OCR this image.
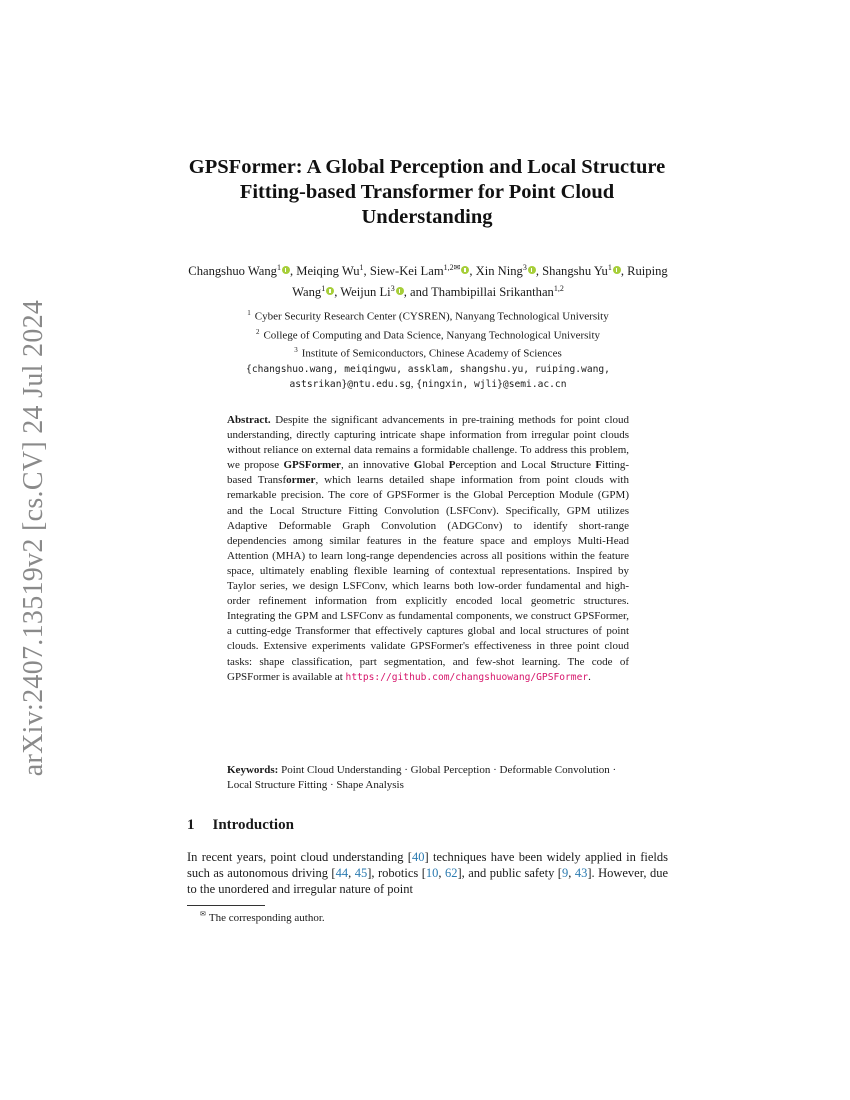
arXiv:2407.13519v2 [cs.CV] 24 Jul 2024
GPSFormer: A Global Perception and Local Structure Fitting-based Transformer for Point Cloud Understanding
Changshuo Wang$^1$ , Meiqing Wu$^1$, Siew-Kei Lam$^{1,2✉}$ , Xin Ning$^3$ , Shangshu Yu$^1$ , Ruiping Wang$^1$ , Weijun Li$^3$ , and Thambipillai Srikanthan$^{1,2}$
$^1$ Cyber Security Research Center (CYSREN), Nanyang Technological University
$^2$ College of Computing and Data Science, Nanyang Technological University
$^3$ Institute of Semiconductors, Chinese Academy of Sciences
{changshuo.wang, meiqingwu, assklam, shangshu.yu, ruiping.wang,
astsrikan}@ntu.edu.sg, {ningxin, wjli}@semi.ac.cn
Abstract. Despite the significant advancements in pre-training methods for point cloud understanding, directly capturing intricate shape information from irregular point clouds without reliance on external data remains a formidable challenge. To address this problem, we propose GPSFormer, an innovative Global Perception and Local Structure Fitting-based Transformer, which learns detailed shape information from point clouds with remarkable precision. The core of GPSFormer is the Global Perception Module (GPM) and the Local Structure Fitting Convolution (LSFConv). Specifically, GPM utilizes Adaptive Deformable Graph Convolution (ADGConv) to identify short-range dependencies among similar features in the feature space and employs Multi-Head Attention (MHA) to learn long-range dependencies across all positions within the feature space, ultimately enabling flexible learning of contextual representations. Inspired by Taylor series, we design LSFConv, which learns both low-order fundamental and high-order refinement information from explicitly encoded local geometric structures. Integrating the GPM and LSFConv as fundamental components, we construct GPSFormer, a cutting-edge Transformer that effectively captures global and local structures of point clouds. Extensive experiments validate GPSFormer's effectiveness in three point cloud tasks: shape classification, part segmentation, and few-shot learning. The code of GPSFormer is available at https://github.com/changshuowang/GPSFormer.
Keywords: Point Cloud Understanding · Global Perception · Deformable Convolution · Local Structure Fitting · Shape Analysis
1 Introduction
In recent years, point cloud understanding [40] techniques have been widely applied in fields such as autonomous driving [44, 45], robotics [10, 62], and public safety [9, 43]. However, due to the unordered and irregular nature of point
✉ The corresponding author.
